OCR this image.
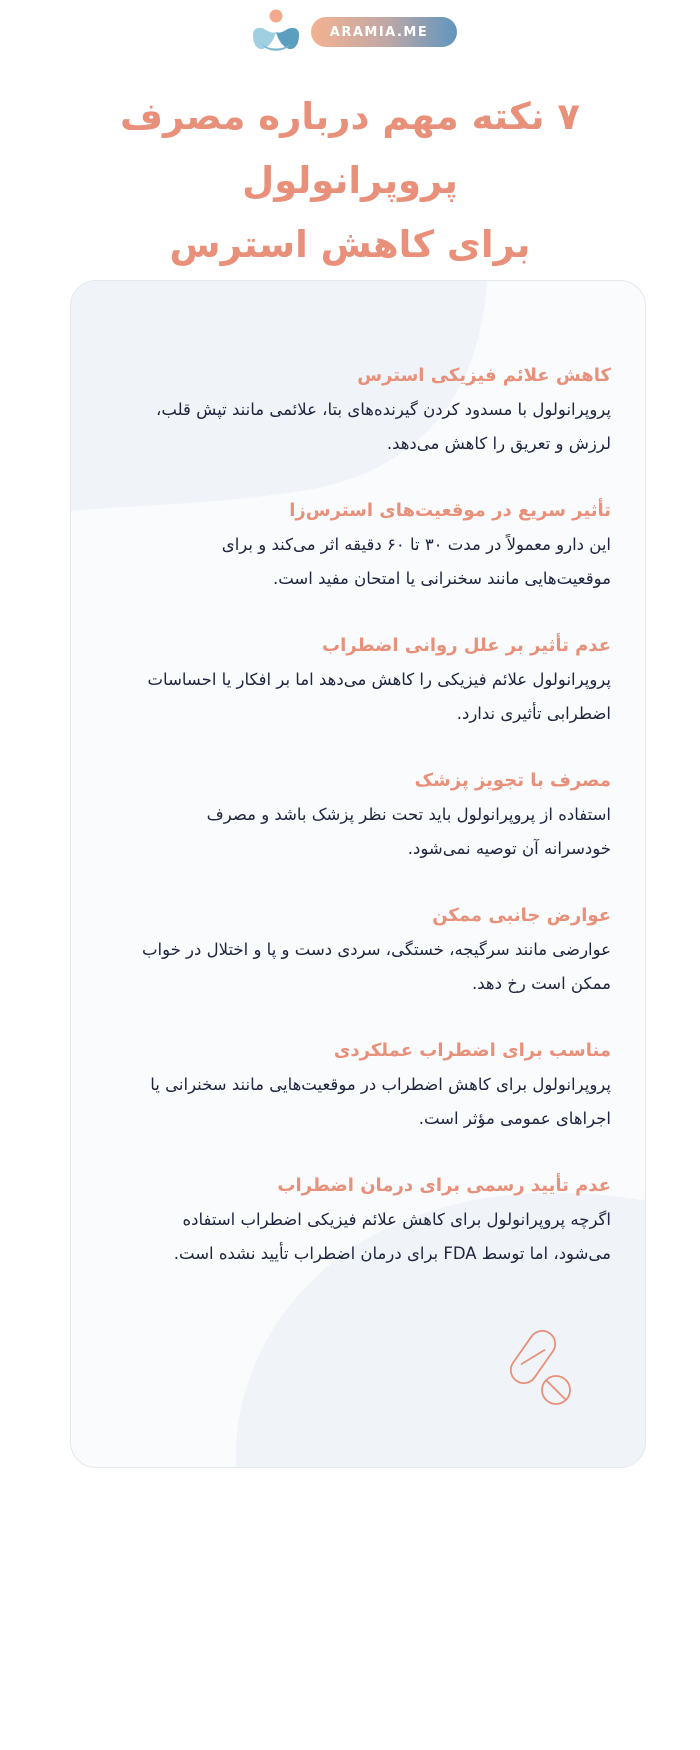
ARAMIA.ME
۷ نکته مهم درباره مصرف پروپرانولول
برای کاهش استرس
کاهش علائم فیزیکی استرس

پروپرانولول با مسدود کردن گیرنده‌های بتا، علائمی مانند تپش قلب، لرزش و تعریق را کاهش می‌دهد.

تأثیر سریع در موقعیت‌های استرس‌زا

این دارو معمولاً در مدت ۳۰ تا ۶۰ دقیقه اثر می‌کند و برای موقعیت‌هایی مانند سخنرانی یا امتحان مفید است.

عدم تأثیر بر علل روانی اضطراب

پروپرانولول علائم فیزیکی را کاهش می‌دهد اما بر افکار یا احساسات اضطرابی تأثیری ندارد.

مصرف با تجویز پزشک

استفاده از پروپرانولول باید تحت نظر پزشک باشد و مصرف خودسرانه آن توصیه نمی‌شود.

عوارض جانبی ممکن

عوارضی مانند سرگیجه، خستگی، سردی دست و پا و اختلال در خواب ممکن است رخ دهد.

مناسب برای اضطراب عملکردی

پروپرانولول برای کاهش اضطراب در موقعیت‌هایی مانند سخنرانی یا اجراهای عمومی مؤثر است.

عدم تأیید رسمی برای درمان اضطراب

اگرچه پروپرانولول برای کاهش علائم فیزیکی اضطراب استفاده می‌شود، اما توسط FDA برای درمان اضطراب تأیید نشده است.
